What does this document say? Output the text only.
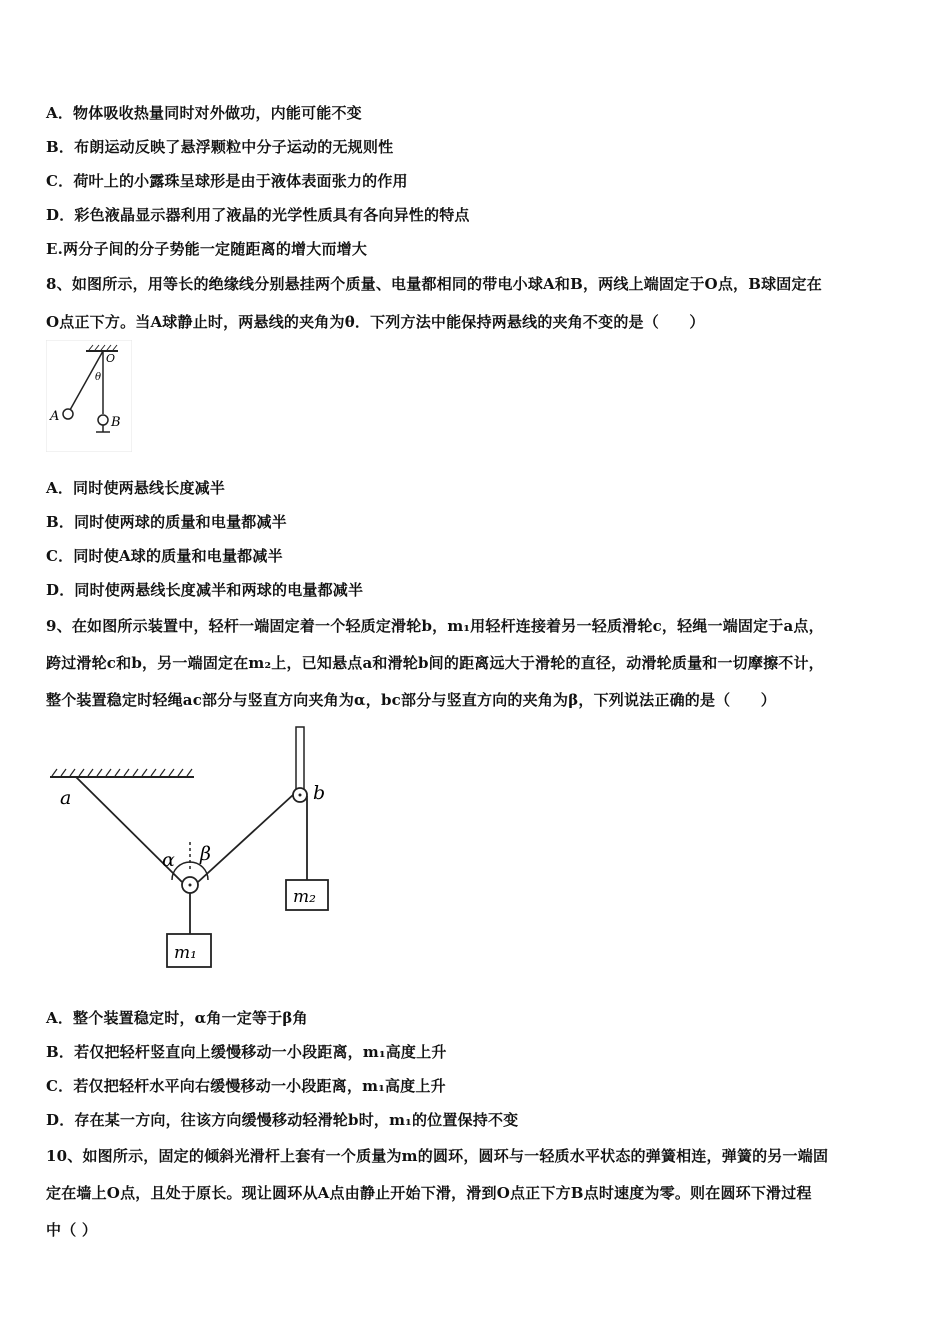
A．物体吸收热量同时对外做功，内能可能不变
B．布朗运动反映了悬浮颗粒中分子运动的无规则性
C．荷叶上的小露珠呈球形是由于液体表面张力的作用
D．彩色液晶显示器利用了液晶的光学性质具有各向异性的特点
E.两分子间的分子势能一定随距离的增大而增大
8、如图所示，用等长的绝缘线分别悬挂两个质量、电量都相同的带电小球A和B，两线上端固定于O点，B球固定在
O点正下方。当A球静止时，两悬线的夹角为θ．下列方法中能保持两悬线的夹角不变的是（　　）
O
θ
A	B
A．同时使两悬线长度减半
B．同时使两球的质量和电量都减半
C．同时使A球的质量和电量都减半
D．同时使两悬线长度减半和两球的电量都减半
9、在如图所示装置中，轻杆一端固定着一个轻质定滑轮b，m₁用轻杆连接着另一轻质滑轮c，轻绳一端固定于a点，
跨过滑轮c和b，另一端固定在m₂上，已知悬点a和滑轮b间的距离远大于滑轮的直径，动滑轮质量和一切摩擦不计，
整个装置稳定时轻绳ac部分与竖直方向夹角为α，bc部分与竖直方向的夹角为β，下列说法正确的是（　　）
a	b
α β
m₁
m₂
A．整个装置稳定时，α角一定等于β角
B．若仅把轻杆竖直向上缓慢移动一小段距离，m₁高度上升
C．若仅把轻杆水平向右缓慢移动一小段距离，m₁高度上升
D．存在某一方向，往该方向缓慢移动轻滑轮b时，m₁的位置保持不变
10、如图所示，固定的倾斜光滑杆上套有一个质量为m的圆环，圆环与一轻质水平状态的弹簧相连，弹簧的另一端固
定在墙上O点，且处于原长。现让圆环从A点由静止开始下滑，滑到O点正下方B点时速度为零。则在圆环下滑过程
中（ ）
